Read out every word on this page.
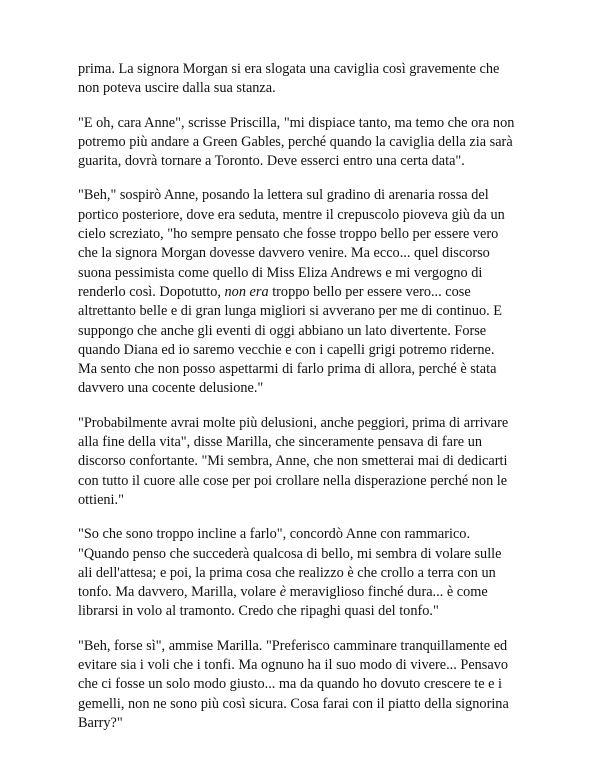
prima. La signora Morgan si era slogata una caviglia così gravemente che
non poteva uscire dalla sua stanza.

"E oh, cara Anne", scrisse Priscilla, "mi dispiace tanto, ma temo che ora non
potremo più andare a Green Gables, perché quando la caviglia della zia sarà
guarita, dovrà tornare a Toronto. Deve esserci entro una certa data".

"Beh," sospirò Anne, posando la lettera sul gradino di arenaria rossa del
portico posteriore, dove era seduta, mentre il crepuscolo pioveva giù da un
cielo screziato, "ho sempre pensato che fosse troppo bello per essere vero
che la signora Morgan dovesse davvero venire. Ma ecco... quel discorso
suona pessimista come quello di Miss Eliza Andrews e mi vergogno di
renderlo così. Dopotutto, non era troppo bello per essere vero... cose
altrettanto belle e di gran lunga migliori si avverano per me di continuo. E
suppongo che anche gli eventi di oggi abbiano un lato divertente. Forse
quando Diana ed io saremo vecchie e con i capelli grigi potremo riderne.
Ma sento che non posso aspettarmi di farlo prima di allora, perché è stata
davvero una cocente delusione."

"Probabilmente avrai molte più delusioni, anche peggiori, prima di arrivare
alla fine della vita", disse Marilla, che sinceramente pensava di fare un
discorso confortante. "Mi sembra, Anne, che non smetterai mai di dedicarti
con tutto il cuore alle cose per poi crollare nella disperazione perché non le
ottieni."

"So che sono troppo incline a farlo", concordò Anne con rammarico.
"Quando penso che succederà qualcosa di bello, mi sembra di volare sulle
ali dell'attesa; e poi, la prima cosa che realizzo è che crollo a terra con un
tonfo. Ma davvero, Marilla, volare è meraviglioso finché dura... è come
librarsi in volo al tramonto. Credo che ripaghi quasi del tonfo."

"Beh, forse sì", ammise Marilla. "Preferisco camminare tranquillamente ed
evitare sia i voli che i tonfi. Ma ognuno ha il suo modo di vivere... Pensavo
che ci fosse un solo modo giusto... ma da quando ho dovuto crescere te e i
gemelli, non ne sono più così sicura. Cosa farai con il piatto della signorina
Barry?"
